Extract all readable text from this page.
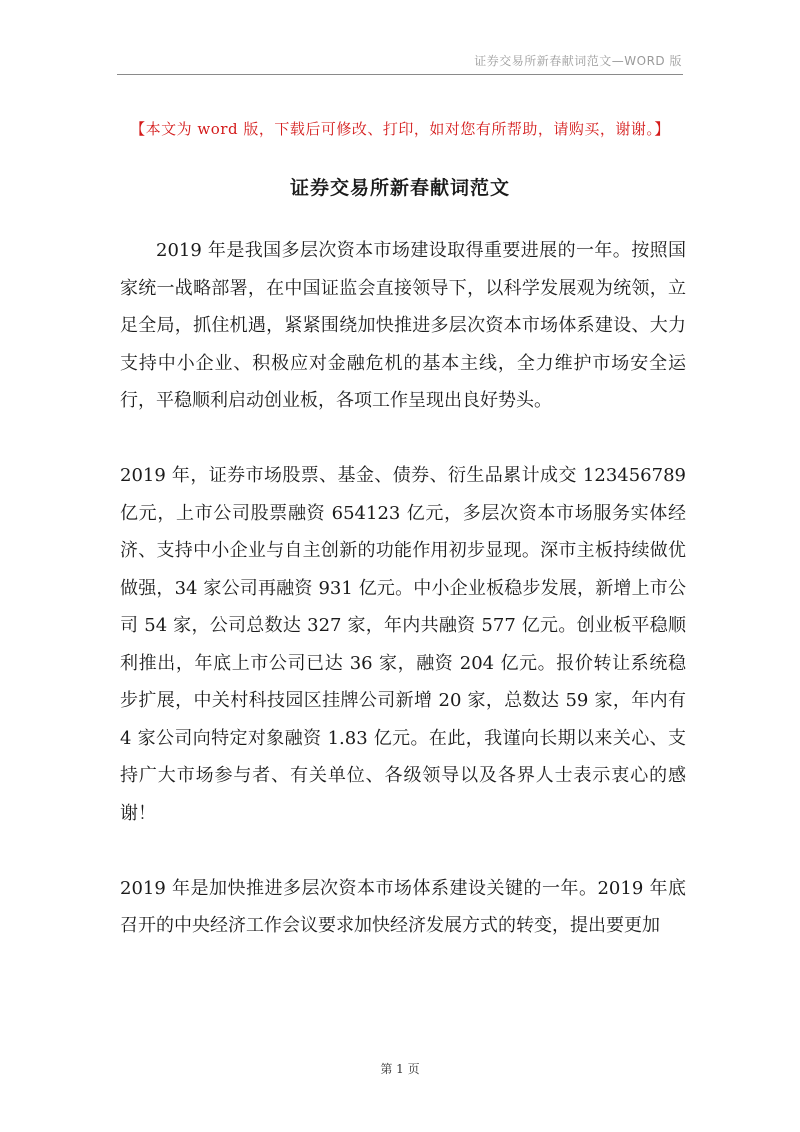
证券交易所新春献词范文—WORD 版
【本文为 word 版，下载后可修改、打印，如对您有所帮助，请购买，谢谢。】
证券交易所新春献词范文

2019 年是我国多层次资本市场建设取得重要进展的一年。按照国家统一战略部署，在中国证监会直接领导下，以科学发展观为统领，立足全局，抓住机遇，紧紧围绕加快推进多层次资本市场体系建设、大力支持中小企业、积极应对金融危机的基本主线，全力维护市场安全运行，平稳顺利启动创业板，各项工作呈现出良好势头。

2019 年，证券市场股票、基金、债券、衍生品累计成交 123456789 亿元，上市公司股票融资 654123 亿元，多层次资本市场服务实体经济、支持中小企业与自主创新的功能作用初步显现。深市主板持续做优做强，34 家公司再融资 931 亿元。中小企业板稳步发展，新增上市公司 54 家，公司总数达 327 家，年内共融资 577 亿元。创业板平稳顺利推出，年底上市公司已达 36 家，融资 204 亿元。报价转让系统稳步扩展，中关村科技园区挂牌公司新增 20 家，总数达 59 家，年内有 4 家公司向特定对象融资 1.83 亿元。在此，我谨向长期以来关心、支持广大市场参与者、有关单位、各级领导以及各界人士表示衷心的感谢！

2019 年是加快推进多层次资本市场体系建设关键的一年。2019 年底召开的中央经济工作会议要求加快经济发展方式的转变，提出要更加

第 1 页
